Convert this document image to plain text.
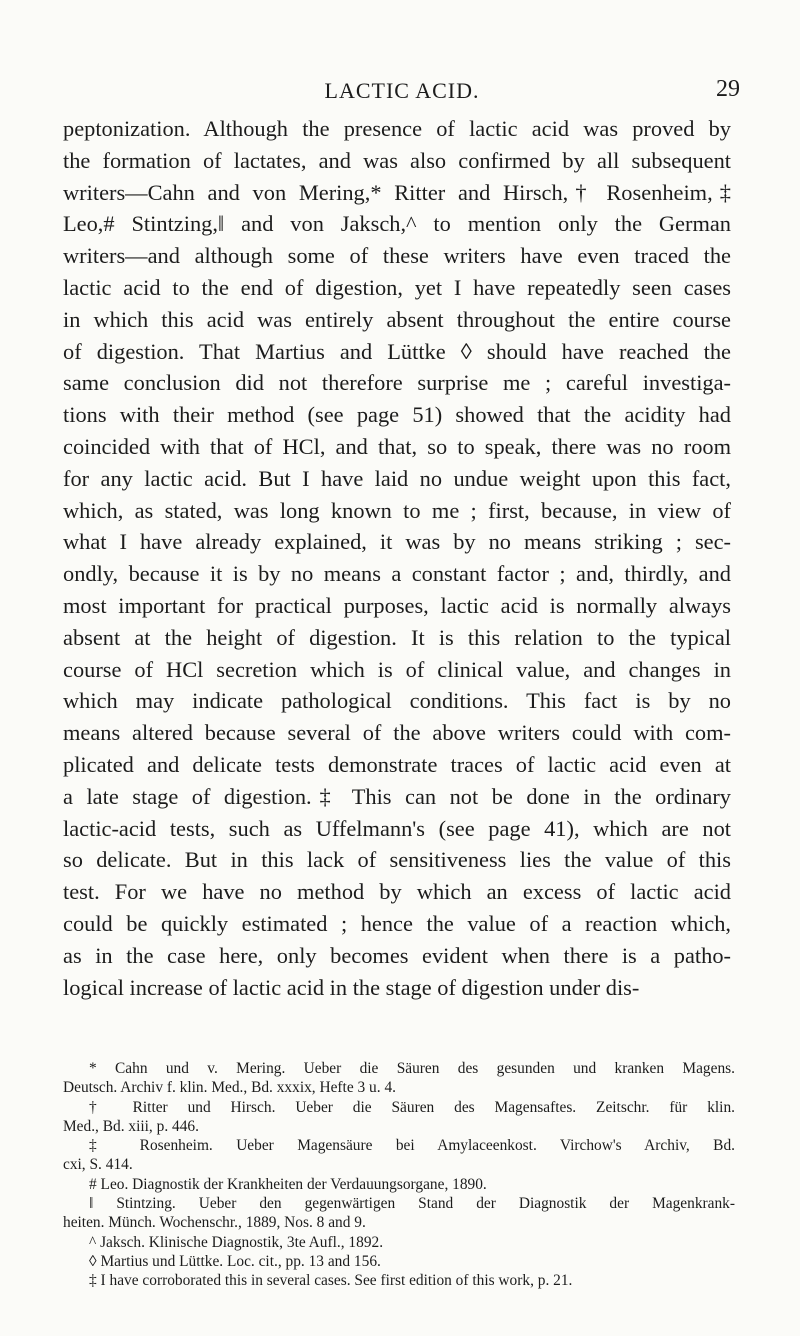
LACTIC ACID.	29
peptonization. Although the presence of lactic acid was proved by
the formation of lactates, and was also confirmed by all subsequent
writers—Cahn and von Mering,* Ritter and Hirsch,† Rosenheim,‡
Leo,# Stintzing,‖ and von Jaksch,^ to mention only the German
writers—and although some of these writers have even traced the
lactic acid to the end of digestion, yet I have repeatedly seen cases
in which this acid was entirely absent throughout the entire course
of digestion. That Martius and Lüttke ◊ should have reached the
same conclusion did not therefore surprise me ; careful investiga-
tions with their method (see page 51) showed that the acidity had
coincided with that of HCl, and that, so to speak, there was no room
for any lactic acid. But I have laid no undue weight upon this fact,
which, as stated, was long known to me ; first, because, in view of
what I have already explained, it was by no means striking ; sec-
ondly, because it is by no means a constant factor ; and, thirdly, and
most important for practical purposes, lactic acid is normally always
absent at the height of digestion. It is this relation to the typical
course of HCl secretion which is of clinical value, and changes in
which may indicate pathological conditions. This fact is by no
means altered because several of the above writers could with com-
plicated and delicate tests demonstrate traces of lactic acid even at
a late stage of digestion.‡ This can not be done in the ordinary
lactic-acid tests, such as Uffelmann's (see page 41), which are not
so delicate. But in this lack of sensitiveness lies the value of this
test. For we have no method by which an excess of lactic acid
could be quickly estimated ; hence the value of a reaction which,
as in the case here, only becomes evident when there is a patho-
logical increase of lactic acid in the stage of digestion under dis-
* Cahn und v. Mering. Ueber die Säuren des gesunden und kranken Magens.
Deutsch. Archiv f. klin. Med., Bd. xxxix, Hefte 3 u. 4.
† Ritter und Hirsch. Ueber die Säuren des Magensaftes. Zeitschr. für klin.
Med., Bd. xiii, p. 446.
‡ Rosenheim. Ueber Magensäure bei Amylaceenkost. Virchow's Archiv, Bd.
cxi, S. 414.
# Leo. Diagnostik der Krankheiten der Verdauungsorgane, 1890.
‖ Stintzing. Ueber den gegenwärtigen Stand der Diagnostik der Magenkrank-
heiten. Münch. Wochenschr., 1889, Nos. 8 and 9.
^ Jaksch. Klinische Diagnostik, 3te Aufl., 1892.
◊ Martius und Lüttke. Loc. cit., pp. 13 and 156.
‡ I have corroborated this in several cases. See first edition of this work, p. 21.
